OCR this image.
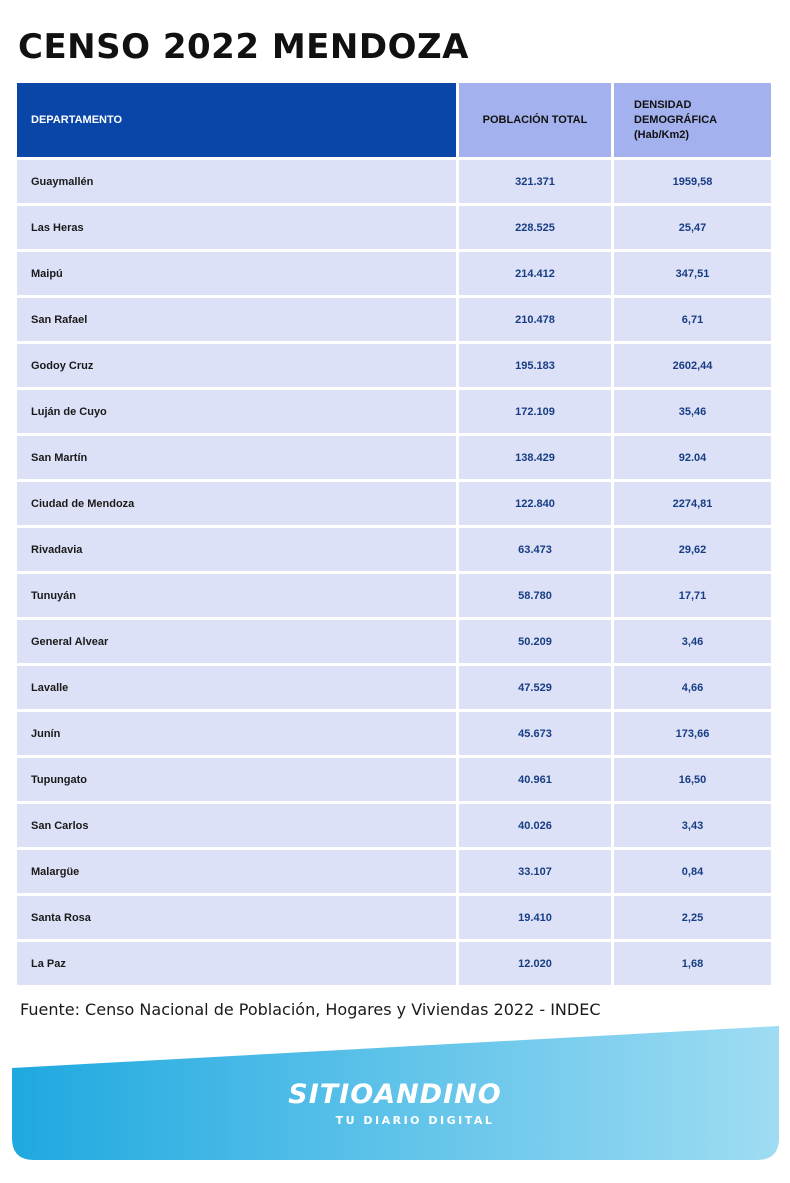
CENSO 2022 MENDOZA
DEPARTAMENTO	POBLACIÓN TOTAL
DENSIDAD
DEMOGRÁFICA
(Hab/Km2)
Guaymallén	321.371	1959,58
Las Heras	228.525	25,47
Maipú	214.412	347,51
San Rafael	210.478	6,71
Godoy Cruz	195.183	2602,44
Luján de Cuyo	172.109	35,46
San Martín	138.429	92.04
Ciudad de Mendoza	122.840	2274,81
Rivadavia	63.473	29,62
Tunuyán	58.780	17,71
General Alvear	50.209	3,46
Lavalle	47.529	4,66
Junín	45.673	173,66
Tupungato	40.961	16,50
San Carlos	40.026	3,43
Malargüe	33.107	0,84
Santa Rosa	19.410	2,25
La Paz	12.020	1,68
Fuente: Censo Nacional de Población, Hogares y Viviendas 2022 - INDEC
SITIOANDINO
TU DIARIO DIGITAL
